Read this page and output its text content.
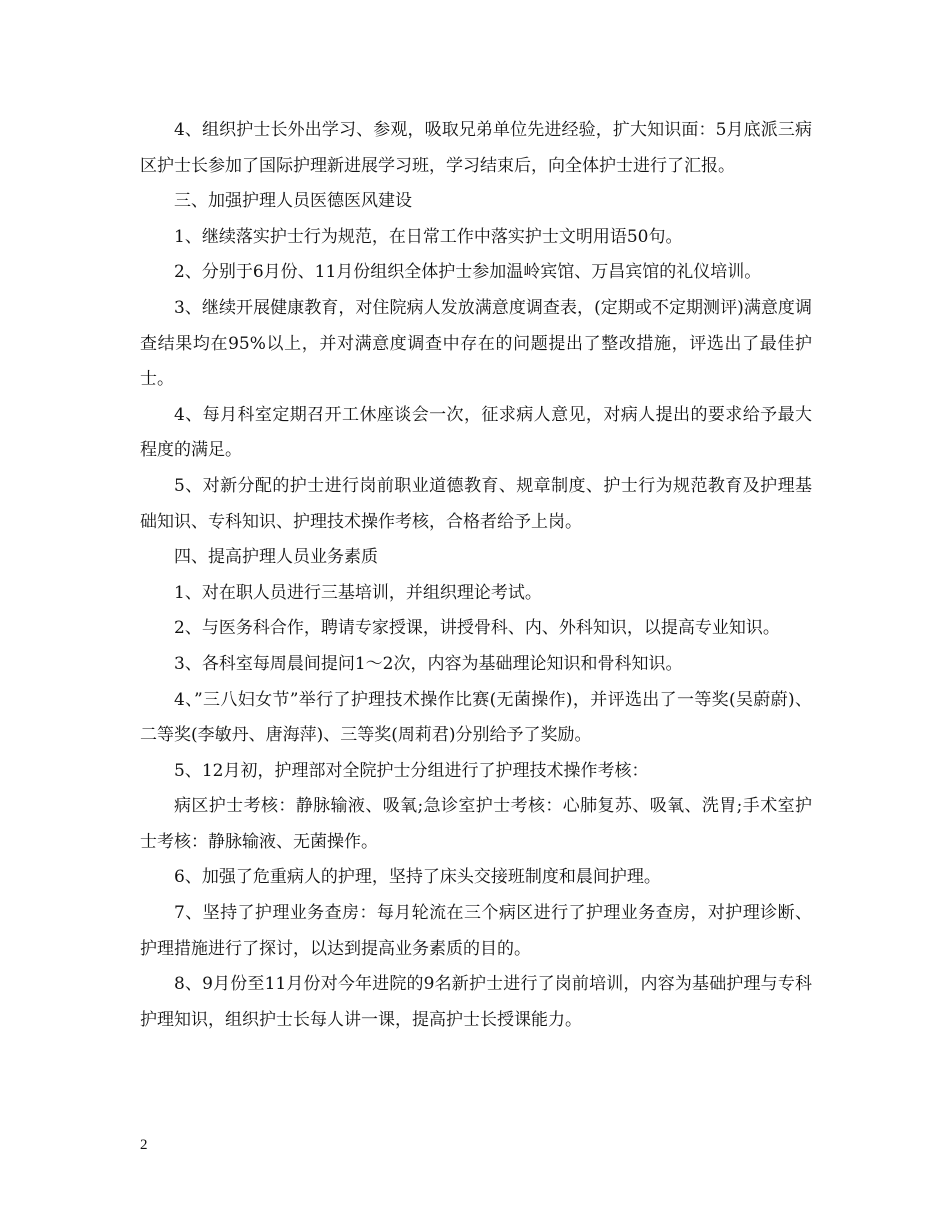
4、组织护士长外出学习、参观，吸取兄弟单位先进经验，扩大知识面：5月底派三病区护士长参加了国际护理新进展学习班，学习结束后，向全体护士进行了汇报。

三、加强护理人员医德医风建设

1、继续落实护士行为规范，在日常工作中落实护士文明用语50句。

2、分别于6月份、11月份组织全体护士参加温岭宾馆、万昌宾馆的礼仪培训。

3、继续开展健康教育，对住院病人发放满意度调查表，(定期或不定期测评)满意度调查结果均在95%以上，并对满意度调查中存在的问题提出了整改措施，评选出了最佳护士。

4、每月科室定期召开工休座谈会一次，征求病人意见，对病人提出的要求给予最大程度的满足。

5、对新分配的护士进行岗前职业道德教育、规章制度、护士行为规范教育及护理基础知识、专科知识、护理技术操作考核，合格者给予上岗。

四、提高护理人员业务素质

1、对在职人员进行三基培训，并组织理论考试。

2、与医务科合作，聘请专家授课，讲授骨科、内、外科知识，以提高专业知识。

3、各科室每周晨间提问1～2次，内容为基础理论知识和骨科知识。

4、”三八妇女节”举行了护理技术操作比赛(无菌操作)，并评选出了一等奖(吴蔚蔚)、二等奖(李敏丹、唐海萍)、三等奖(周莉君)分别给予了奖励。

5、12月初，护理部对全院护士分组进行了护理技术操作考核：

病区护士考核：静脉输液、吸氧;急诊室护士考核：心肺复苏、吸氧、洗胃;手术室护士考核：静脉输液、无菌操作。

6、加强了危重病人的护理，坚持了床头交接班制度和晨间护理。

7、坚持了护理业务查房：每月轮流在三个病区进行了护理业务查房，对护理诊断、护理措施进行了探讨，以达到提高业务素质的目的。

8、9月份至11月份对今年进院的9名新护士进行了岗前培训，内容为基础护理与专科护理知识，组织护士长每人讲一课，提高护士长授课能力。

2
